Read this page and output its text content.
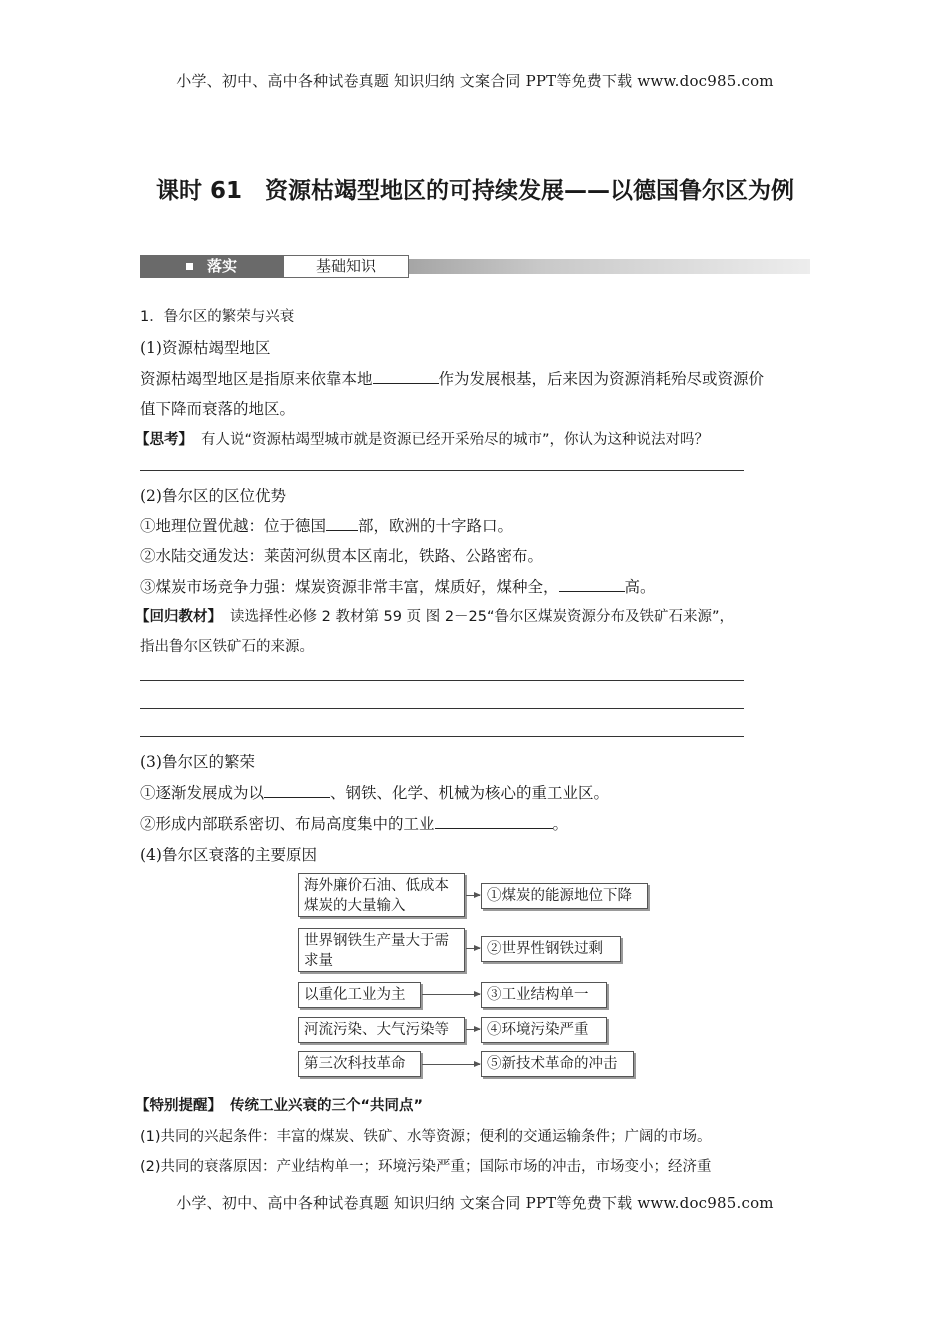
小学、初中、高中各种试卷真题 知识归纳 文案合同 PPT等免费下载 www.doc985.com
课时 61　资源枯竭型地区的可持续发展——以德国鲁尔区为例
落实	基础知识
1．鲁尔区的繁荣与兴衰
(1)资源枯竭型地区
资源枯竭型地区是指原来依靠本地	作为发展根基，后来因为资源消耗殆尽或资源价
值下降而衰落的地区。
【思考】 有人说“资源枯竭型城市就是资源已经开采殆尽的城市”，你认为这种说法对吗？
(2)鲁尔区的区位优势
①地理位置优越：位于德国 部，欧洲的十字路口。
②水陆交通发达：莱茵河纵贯本区南北，铁路、公路密布。
③煤炭市场竞争力强：煤炭资源非常丰富，煤质好，煤种全，	高。
【回归教材】 读选择性必修 2 教材第 59 页 图 2－25“鲁尔区煤炭资源分布及铁矿石来源”，
指出鲁尔区铁矿石的来源。
(3)鲁尔区的繁荣
①逐渐发展成为以	、钢铁、化学、机械为核心的重工业区。
②形成内部联系密切、布局高度集中的工业	。
(4)鲁尔区衰落的主要原因
海外廉价石油、低成本煤炭的大量输入
①煤炭的能源地位下降
世界钢铁生产量大于需求量
②世界性钢铁过剩
以重化工业为主	③工业结构单一
河流污染、大气污染等	④环境污染严重
第三次科技革命	⑤新技术革命的冲击
【特别提醒】 传统工业兴衰的三个“共同点”
(1)共同的兴起条件：丰富的煤炭、铁矿、水等资源；便利的交通运输条件；广阔的市场。
(2)共同的衰落原因：产业结构单一；环境污染严重；国际市场的冲击，市场变小；经济重
小学、初中、高中各种试卷真题 知识归纳 文案合同 PPT等免费下载 www.doc985.com
